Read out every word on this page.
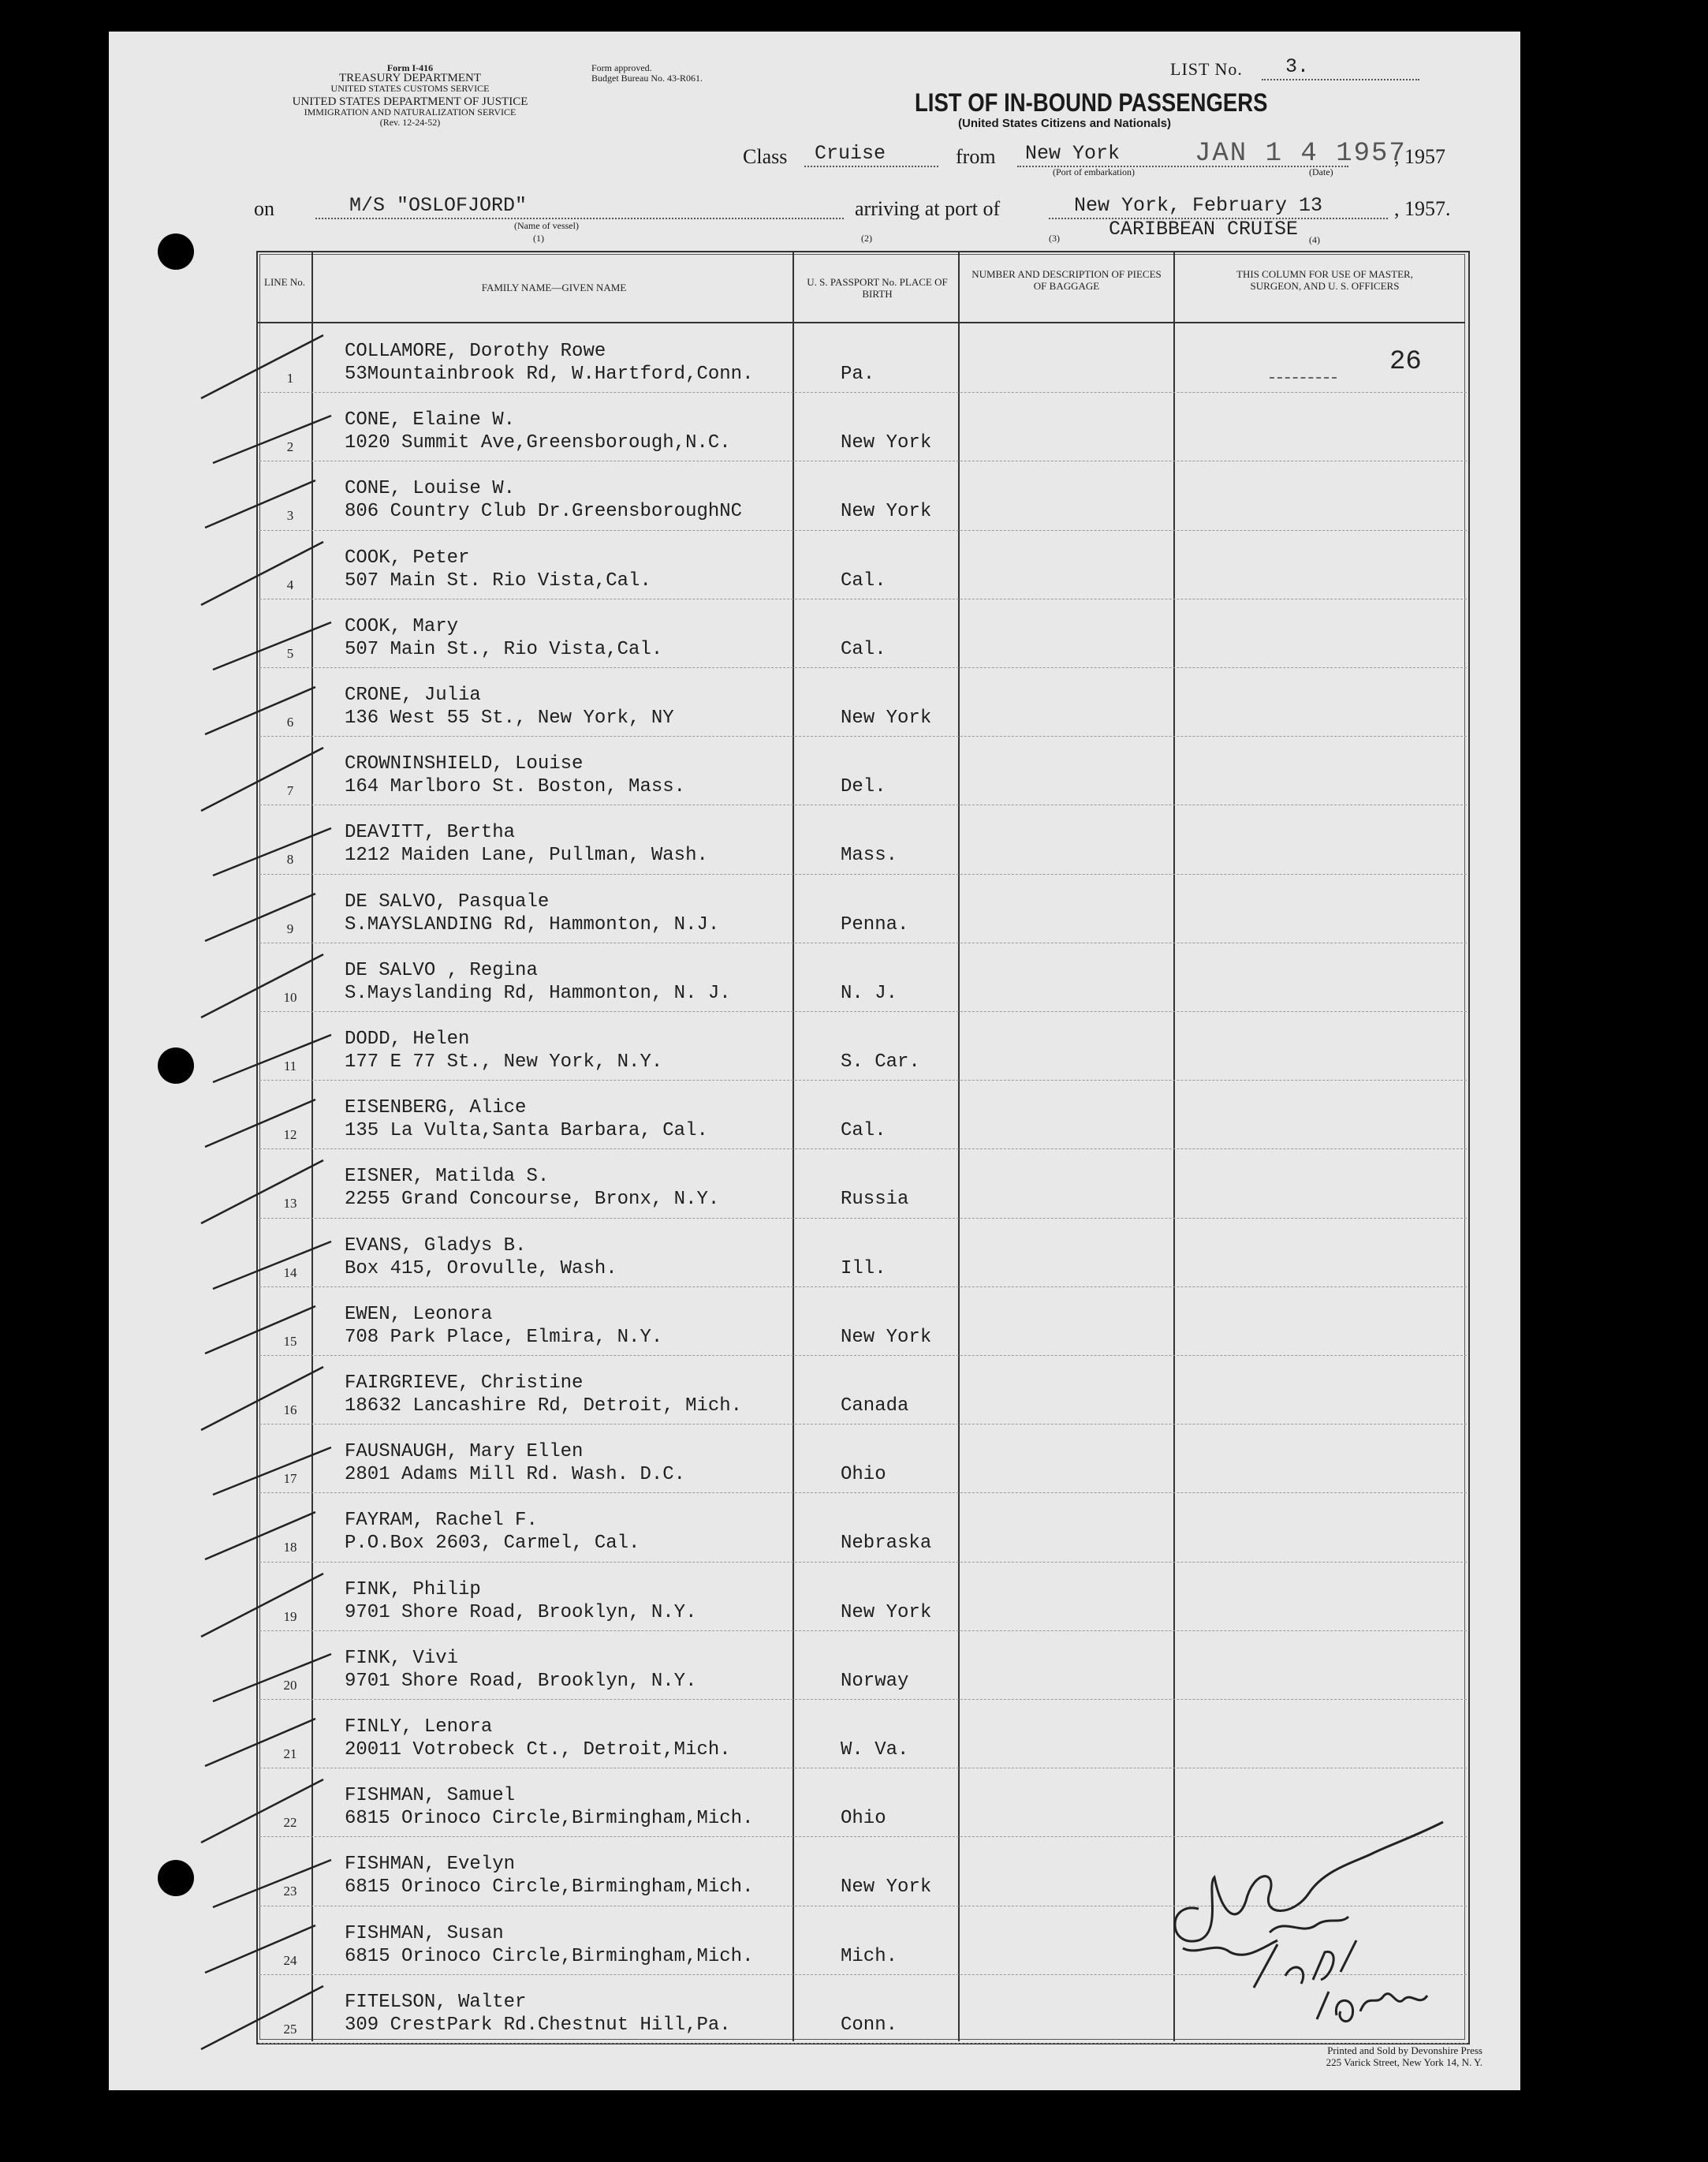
Form I-416
TREASURY DEPARTMENT
UNITED STATES CUSTOMS SERVICE
UNITED STATES DEPARTMENT OF JUSTICE
IMMIGRATION AND NATURALIZATION SERVICE
(Rev. 12-24-52)
Form approved.
Budget Bureau No. 43-R061.	LIST No. 3.
LIST OF IN-BOUND PASSENGERS
(United States Citizens and Nationals)
Class Cruise	from New York	JAN 1 4 1957
(Port of embarkation)	(Date)
, 1957
on	M/S "OSLOFJORD"
(Name of vessel)
(1)
arriving at port of	New York, February 13	, 1957.
(2)	(3) CARIBBEAN CRUISE (4)
LINE No.	FAMILY NAME—GIVEN NAME	U. S. PASSPORT No. PLACE OF BIRTH
NUMBER AND DESCRIPTION OF PIECES OF BAGGAGE
THIS COLUMN FOR USE OF MASTER, SURGEON, AND U. S. OFFICERS
1
COLLAMORE, Dorothy Rowe
53Mountainbrook Rd, W.Hartford,Conn.	Pa.
2
CONE, Elaine W.
1020 Summit Ave,Greensborough,N.C.	New York
3
CONE, Louise W.
806 Country Club Dr.GreensboroughNC	New York
4
COOK, Peter
507 Main St. Rio Vista,Cal.	Cal.
5
COOK, Mary
507 Main St., Rio Vista,Cal.	Cal.
6
CRONE, Julia
136 West 55 St., New York, NY	New York
7
CROWNINSHIELD, Louise
164 Marlboro St. Boston, Mass.	Del.
8
DEAVITT, Bertha
1212 Maiden Lane, Pullman, Wash.	Mass.
9
DE SALVO, Pasquale
S.MAYSLANDING Rd, Hammonton, N.J.	Penna.
10
DE SALVO , Regina
S.Mayslanding Rd, Hammonton, N. J.	N. J.
11
DODD, Helen
177 E 77 St., New York, N.Y.	S. Car.
12
EISENBERG, Alice
135 La Vulta,Santa Barbara, Cal.	Cal.
13
EISNER, Matilda S.
2255 Grand Concourse, Bronx, N.Y.	Russia
14
EVANS, Gladys B.
Box 415, Orovulle, Wash.	Ill.
15
EWEN, Leonora
708 Park Place, Elmira, N.Y.	New York
16
FAIRGRIEVE, Christine
18632 Lancashire Rd, Detroit, Mich.	Canada
17
FAUSNAUGH, Mary Ellen
2801 Adams Mill Rd. Wash. D.C.	Ohio
18
FAYRAM, Rachel F.
P.O.Box 2603, Carmel, Cal.	Nebraska
19
FINK, Philip
9701 Shore Road, Brooklyn, N.Y.	New York
20
FINK, Vivi
9701 Shore Road, Brooklyn, N.Y.	Norway
21
FINLY, Lenora
20011 Votrobeck Ct., Detroit,Mich.	W. Va.
22
FISHMAN, Samuel
6815 Orinoco Circle,Birmingham,Mich.	Ohio
23
FISHMAN, Evelyn
6815 Orinoco Circle,Birmingham,Mich.	New York
24
FISHMAN, Susan
6815 Orinoco Circle,Birmingham,Mich.	Mich.
25
FITELSON, Walter
309 CrestPark Rd.Chestnut Hill,Pa.	Conn.
26
Printed and Sold by Devonshire Press
225 Varick Street, New York 14, N. Y.
